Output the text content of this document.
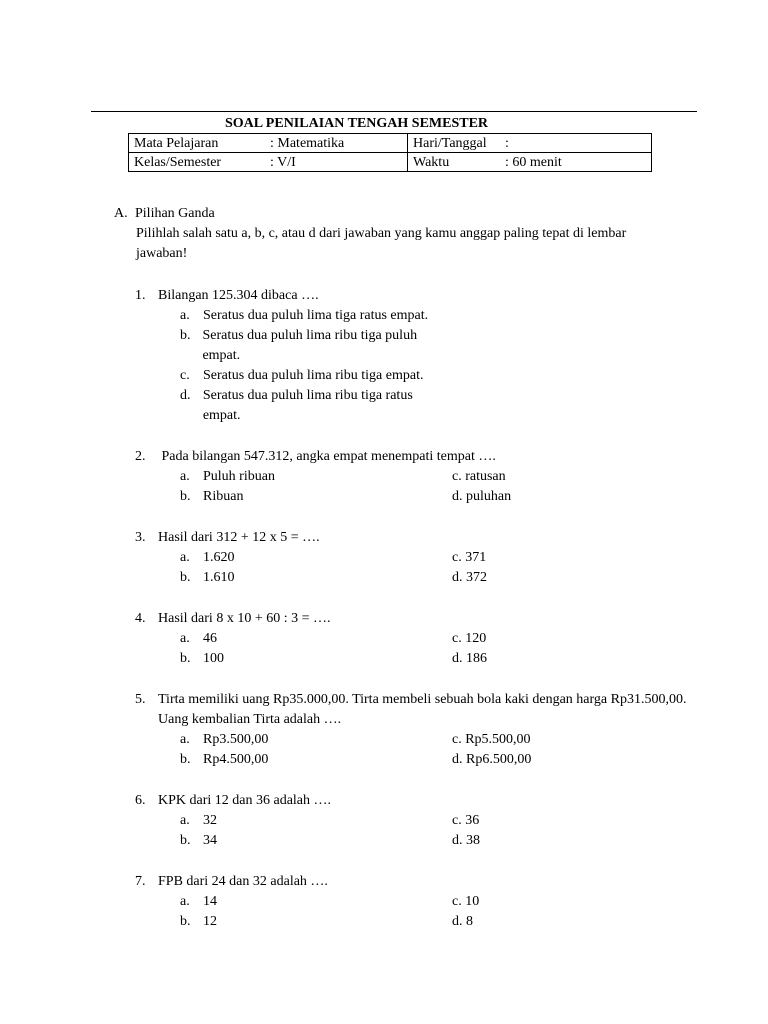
SOAL PENILAIAN TENGAH SEMESTER
Mata Pelajaran : Matematika	Hari/Tanggal :
Kelas/Semester : V/I	Waktu : 60 menit
A. Pilihan Ganda
Pilihlah salah satu a, b, c, atau d dari jawaban yang kamu anggap paling tepat di lembar jawaban!
1. Bilangan 125.304 dibaca ….
a. Seratus dua puluh lima tiga ratus empat.
b. Seratus dua puluh lima ribu tiga puluh empat.
c. Seratus dua puluh lima ribu tiga empat.
d. Seratus dua puluh lima ribu tiga ratus empat.
2. Pada bilangan 547.312, angka empat menempati tempat ….
a. Puluh ribuan	c. ratusan
b. Ribuan	d. puluhan
3. Hasil dari 312 + 12 x 5 = ….
a. 1.620	c. 371
b. 1.610	d. 372
4. Hasil dari 8 x 10 + 60 : 3 = ….
a. 46	c. 120
b. 100	d. 186
5. Tirta memiliki uang Rp35.000,00. Tirta membeli sebuah bola kaki dengan harga Rp31.500,00. Uang kembalian Tirta adalah ….
a. Rp3.500,00	c. Rp5.500,00
b. Rp4.500,00	d. Rp6.500,00
6. KPK dari 12 dan 36 adalah ….
a. 32	c. 36
b. 34	d. 38
7. FPB dari 24 dan 32 adalah ….
a. 14	c. 10
b. 12	d. 8
